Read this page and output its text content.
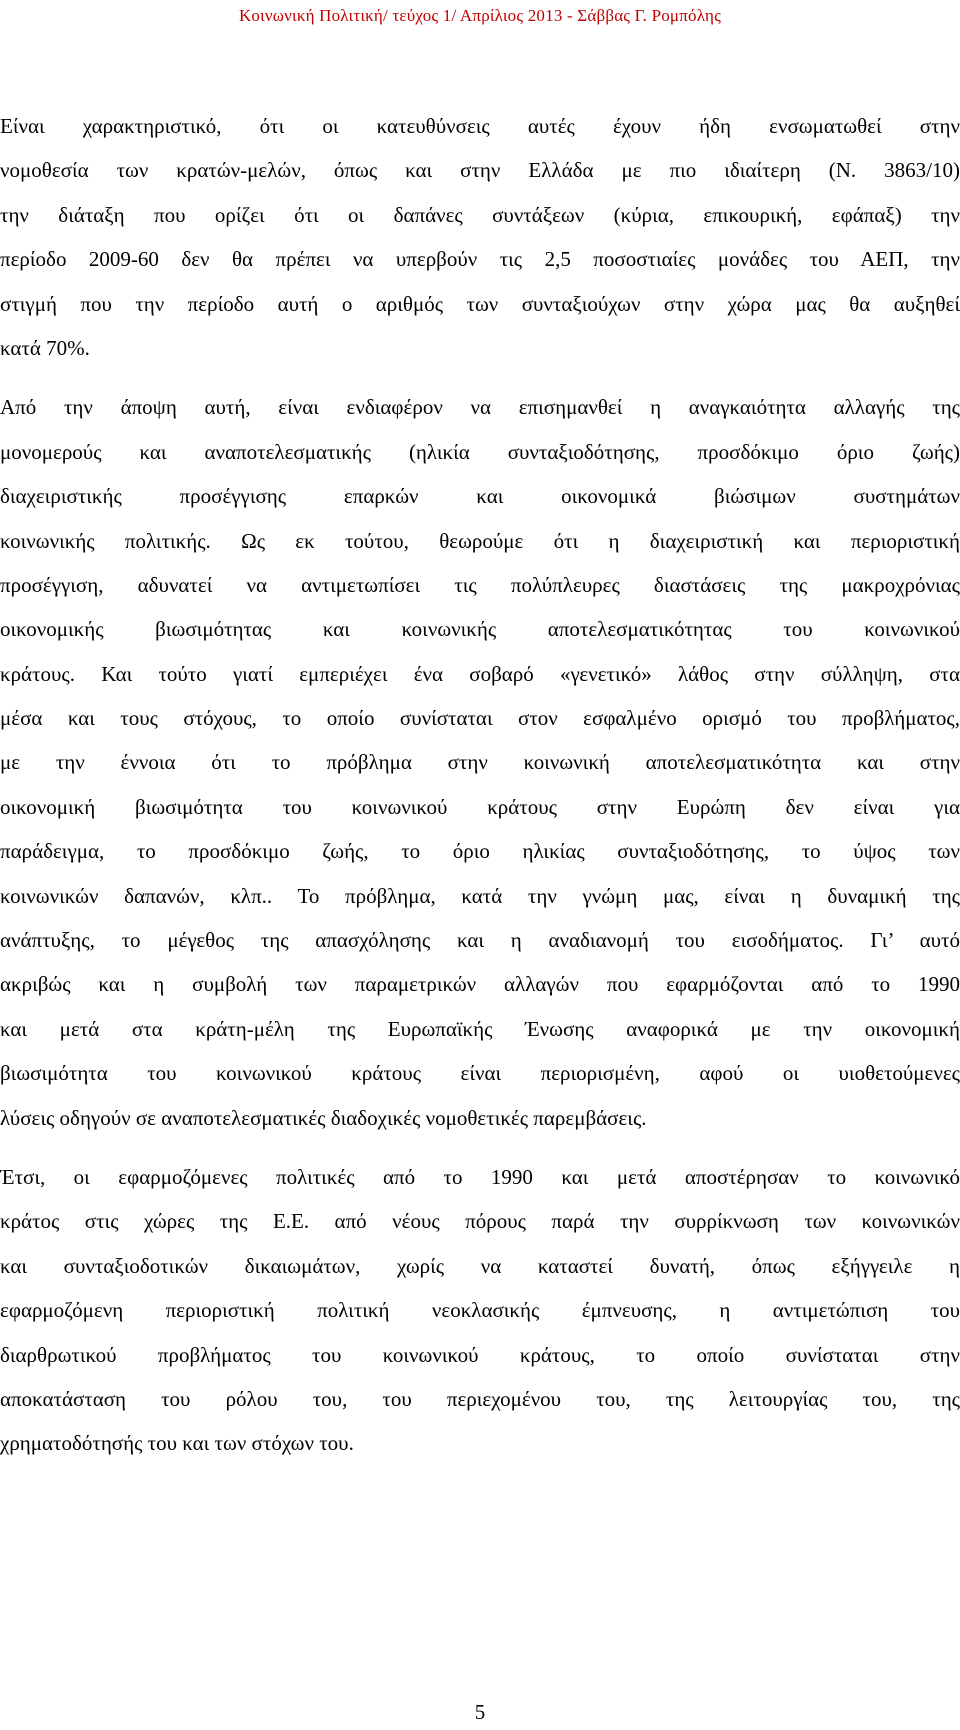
Κοινωνική Πολιτική/ τεύχος 1/ Απρίλιος 2013 - Σάββας Γ. Ρομπόλης

Είναι χαρακτηριστικό, ότι οι κατευθύνσεις αυτές έχουν ήδη ενσωματωθεί στην
νομοθεσία των κρατών-μελών, όπως και στην Ελλάδα με πιο ιδιαίτερη (Ν. 3863/10)
την διάταξη που ορίζει ότι οι δαπάνες συντάξεων (κύρια, επικουρική, εφάπαξ) την
περίοδο 2009-60 δεν θα πρέπει να υπερβούν τις 2,5 ποσοστιαίες μονάδες του ΑΕΠ, την
στιγμή που την περίοδο αυτή ο αριθμός των συνταξιούχων στην χώρα μας θα αυξηθεί
κατά 70%.

Από την άποψη αυτή, είναι ενδιαφέρον να επισημανθεί η αναγκαιότητα αλλαγής της
μονομερούς και αναποτελεσματικής (ηλικία συνταξιοδότησης, προσδόκιμο όριο ζωής)
διαχειριστικής προσέγγισης επαρκών και οικονομικά βιώσιμων συστημάτων
κοινωνικής πολιτικής. Ως εκ τούτου, θεωρούμε ότι η διαχειριστική και περιοριστική
προσέγγιση, αδυνατεί να αντιμετωπίσει τις πολύπλευρες διαστάσεις της μακροχρόνιας
οικονομικής βιωσιμότητας και κοινωνικής αποτελεσματικότητας του κοινωνικού
κράτους. Και τούτο γιατί εμπεριέχει ένα σοβαρό «γενετικό» λάθος στην σύλληψη, στα
μέσα και τους στόχους, το οποίο συνίσταται στον εσφαλμένο ορισμό του προβλήματος,
με την έννοια ότι το πρόβλημα στην κοινωνική αποτελεσματικότητα και στην
οικονομική βιωσιμότητα του κοινωνικού κράτους στην Ευρώπη δεν είναι για
παράδειγμα, το προσδόκιμο ζωής, το όριο ηλικίας συνταξιοδότησης, το ύψος των
κοινωνικών δαπανών, κλπ.. Το πρόβλημα, κατά την γνώμη μας, είναι η δυναμική της
ανάπτυξης, το μέγεθος της απασχόλησης και η αναδιανομή του εισοδήματος. Γι’ αυτό
ακριβώς και η συμβολή των παραμετρικών αλλαγών που εφαρμόζονται από το 1990
και μετά στα κράτη-μέλη της Ευρωπαϊκής Ένωσης αναφορικά με την οικονομική
βιωσιμότητα του κοινωνικού κράτους είναι περιορισμένη, αφού οι υιοθετούμενες
λύσεις οδηγούν σε αναποτελεσματικές διαδοχικές νομοθετικές παρεμβάσεις.

Έτσι, οι εφαρμοζόμενες πολιτικές από το 1990 και μετά αποστέρησαν το κοινωνικό
κράτος στις χώρες της Ε.Ε. από νέους πόρους παρά την συρρίκνωση των κοινωνικών
και συνταξιοδοτικών δικαιωμάτων, χωρίς να καταστεί δυνατή, όπως εξήγγειλε η
εφαρμοζόμενη περιοριστική πολιτική νεοκλασικής έμπνευσης, η αντιμετώπιση του
διαρθρωτικού προβλήματος του κοινωνικού κράτους, το οποίο συνίσταται στην
αποκατάσταση του ρόλου του, του περιεχομένου του, της λειτουργίας του, της
χρηματοδότησής του και των στόχων του.

5
